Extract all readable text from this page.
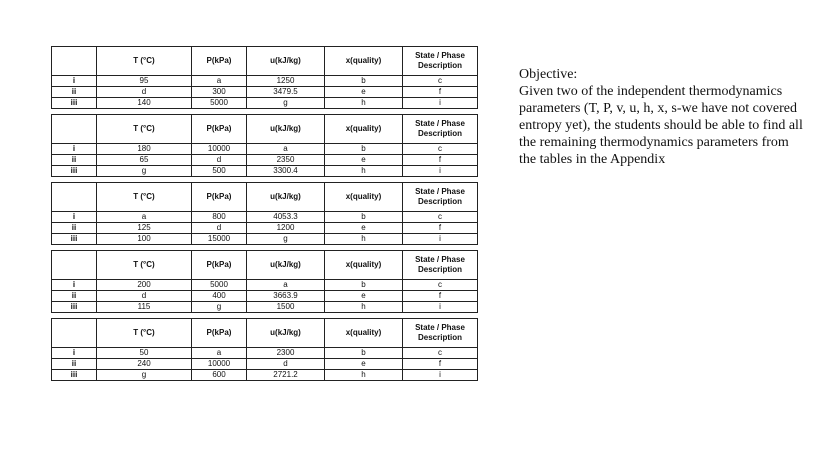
	T (°C)	P(kPa)	u(kJ/kg)	x(quality)	State / Phase Description
i	95	a	1250	b	c
ii	d	300	3479.5	e	f
iii	140	5000	g	h	i
	T (°C)	P(kPa)	u(kJ/kg)	x(quality)	State / Phase Description
i	180	10000	a	b	c
ii	65	d	2350	e	f
iii	g	500	3300.4	h	i
	T (°C)	P(kPa)	u(kJ/kg)	x(quality)	State / Phase Description
i	a	800	4053.3	b	c
ii	125	d	1200	e	f
iii	100	15000	g	h	i
	T (°C)	P(kPa)	u(kJ/kg)	x(quality)	State / Phase Description
i	200	5000	a	b	c
ii	d	400	3663.9	e	f
iii	115	g	1500	h	i
	T (°C)	P(kPa)	u(kJ/kg)	x(quality)	State / Phase Description
i	50	a	2300	b	c
ii	240	10000	d	e	f
iii	g	600	2721.2	h	i

Objective:

Given two of the independent thermodynamics parameters (T, P, v, u, h, x, s-we have not covered entropy yet), the students should be able to find all the remaining thermodynamics parameters from the tables in the Appendix
